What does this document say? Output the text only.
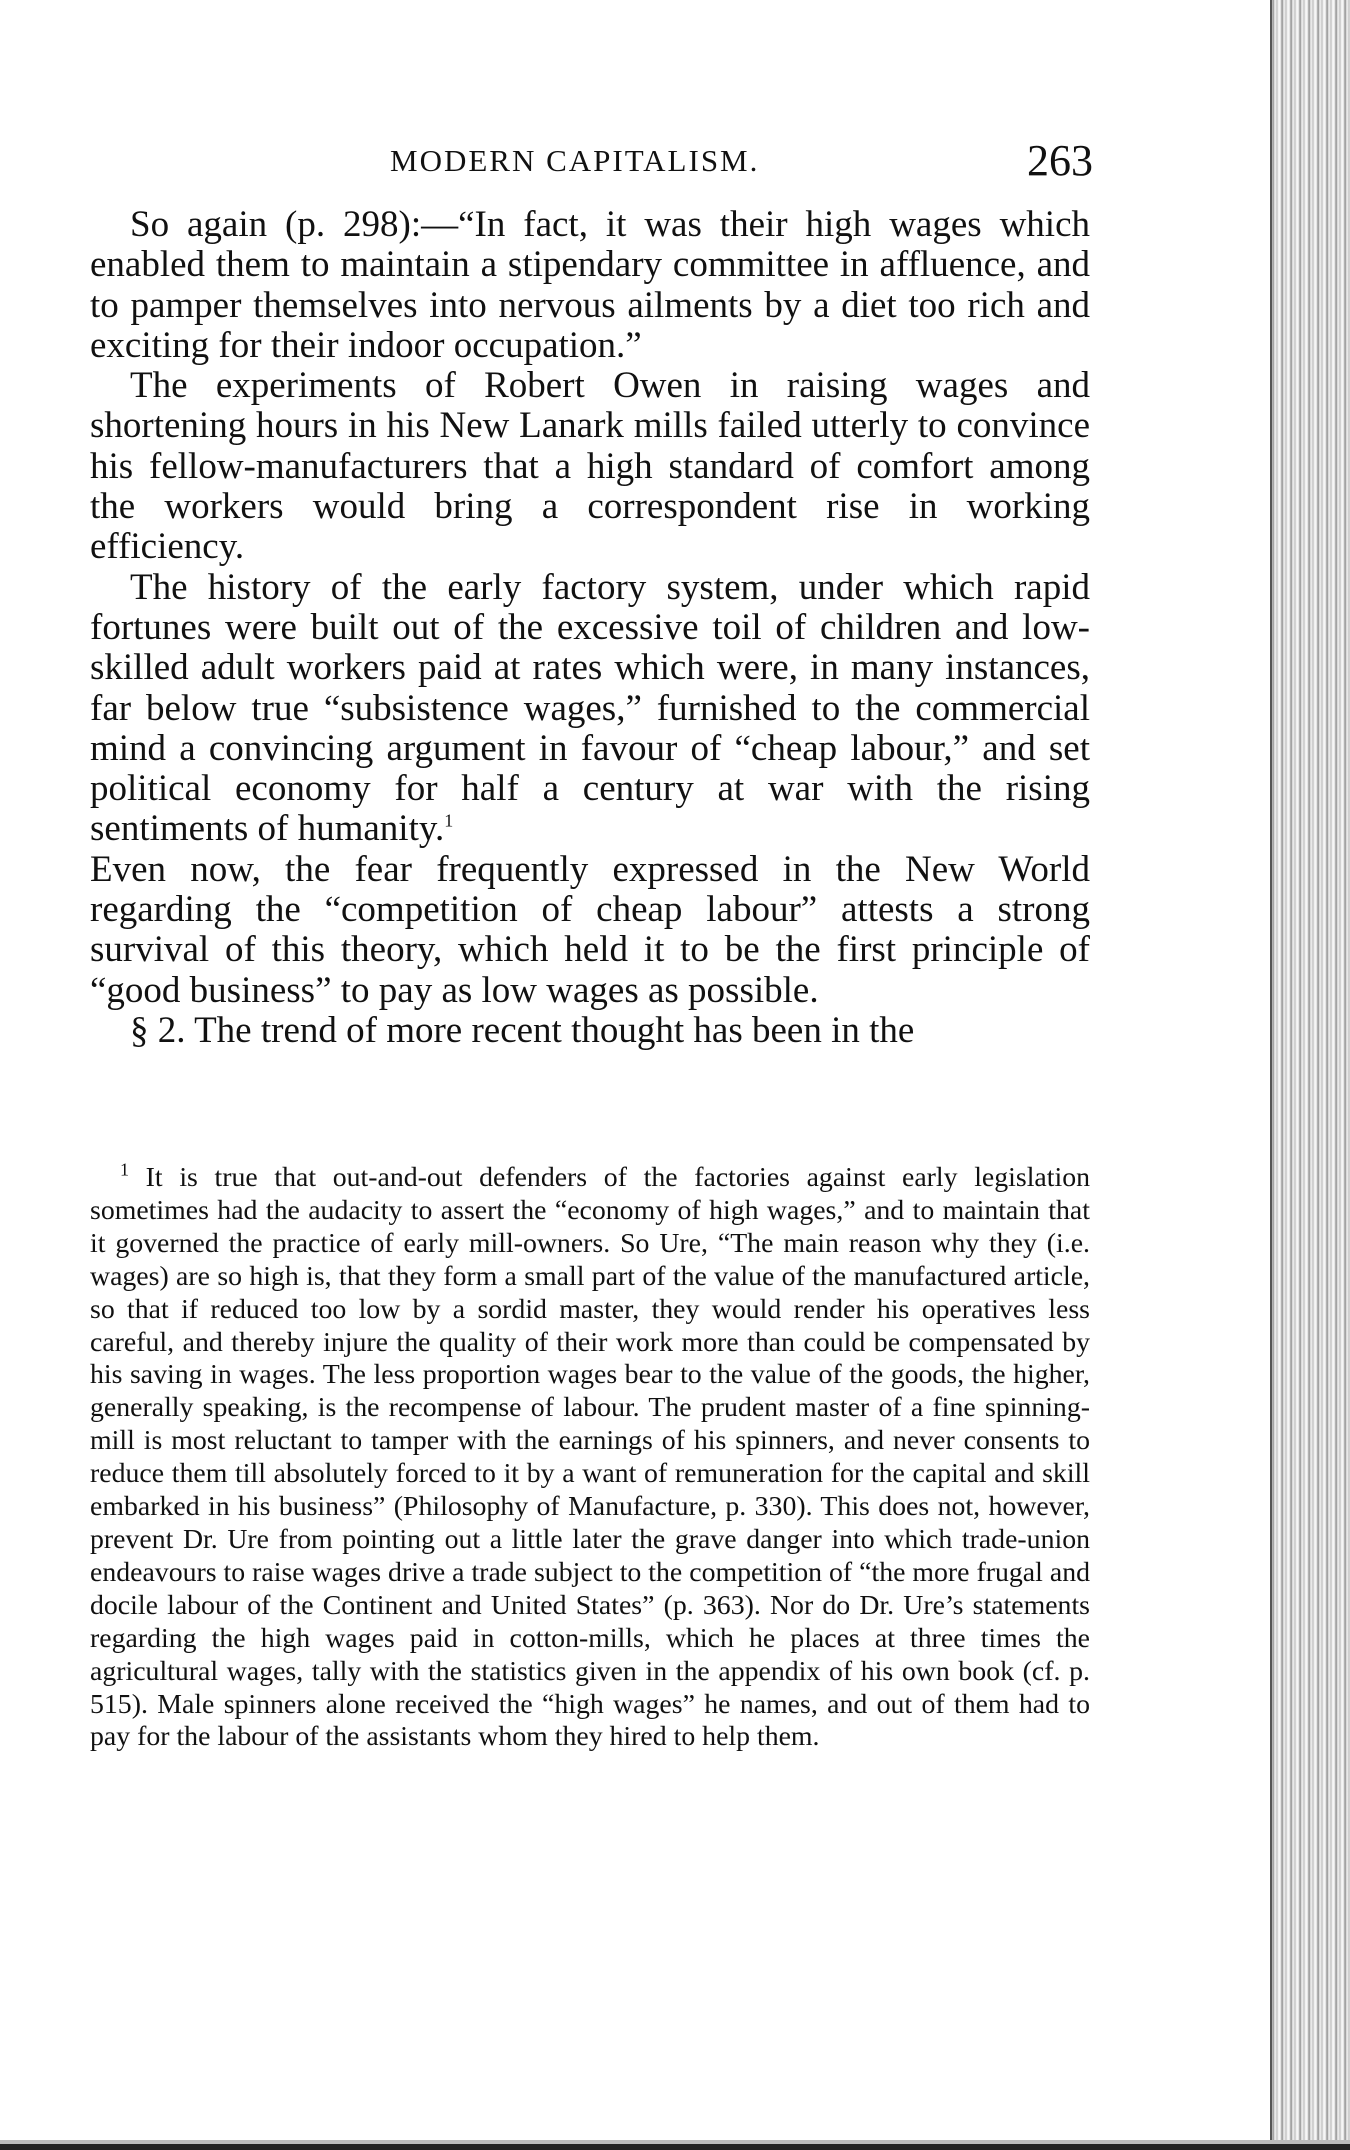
MODERN CAPITALISM.	263

So again (p. 298):—“In fact, it was their high wages which enabled them to maintain a stipendary committee in affluence, and to pamper themselves into nervous ailments by a diet too rich and exciting for their indoor occupation.”

The experiments of Robert Owen in raising wages and shortening hours in his New Lanark mills failed utterly to convince his fellow-manufacturers that a high standard of comfort among the workers would bring a correspondent rise in working efficiency.

The history of the early factory system, under which rapid fortunes were built out of the excessive toil of children and low-skilled adult workers paid at rates which were, in many instances, far below true “subsistence wages,” furnished to the commercial mind a convincing argument in favour of “cheap labour,” and set political economy for half a century at war with the rising sentiments of humanity.$^1$

Even now, the fear frequently expressed in the New World regarding the “competition of cheap labour” attests a strong survival of this theory, which held it to be the first principle of “good business” to pay as low wages as possible.

§ 2. The trend of more recent thought has been in the

$^1$ It is true that out-and-out defenders of the factories against early legislation sometimes had the audacity to assert the “economy of high wages,” and to maintain that it governed the practice of early mill-owners. So Ure, “The main reason why they (i.e. wages) are so high is, that they form a small part of the value of the manufactured article, so that if reduced too low by a sordid master, they would render his operatives less careful, and thereby injure the quality of their work more than could be compensated by his saving in wages. The less proportion wages bear to the value of the goods, the higher, generally speaking, is the recompense of labour. The prudent master of a fine spinning-mill is most reluctant to tamper with the earnings of his spinners, and never consents to reduce them till absolutely forced to it by a want of remuneration for the capital and skill embarked in his business” (Philosophy of Manufacture, p. 330). This does not, however, prevent Dr. Ure from pointing out a little later the grave danger into which trade-union endeavours to raise wages drive a trade subject to the competition of “the more frugal and docile labour of the Continent and United States” (p. 363). Nor do Dr. Ure’s statements regarding the high wages paid in cotton-mills, which he places at three times the agricultural wages, tally with the statistics given in the appendix of his own book (cf. p. 515). Male spinners alone received the “high wages” he names, and out of them had to pay for the labour of the assistants whom they hired to help them.
